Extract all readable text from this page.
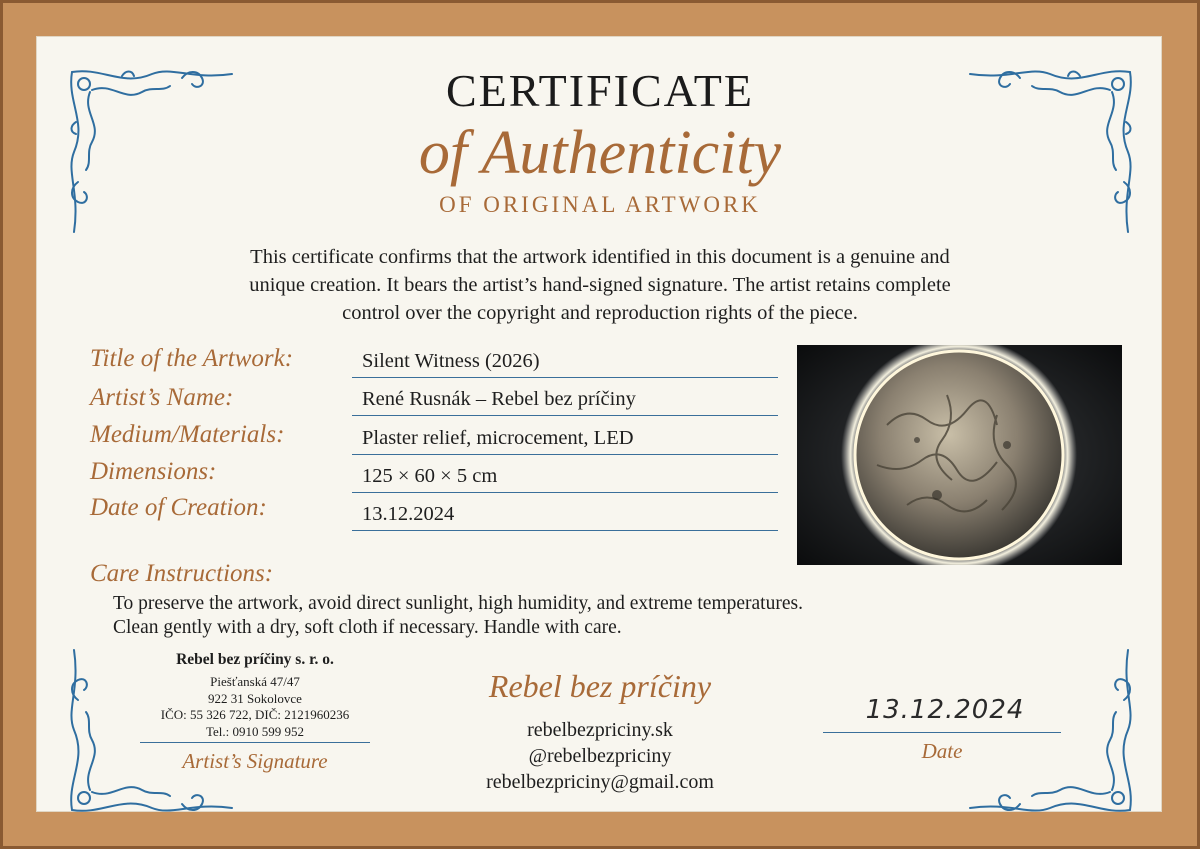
CERTIFICATE
of Authenticity
OF ORIGINAL ARTWORK
This certificate confirms that the artwork identified in this document is a genuine and
unique creation. It bears the artist’s hand-signed signature. The artist retains complete
control over the copyright and reproduction rights of the piece.
Title of the Artwork:	Silent Witness (2026)
Artist’s Name:	René Rusnák – Rebel bez príčiny
Medium/Materials:	Plaster relief, microcement, LED
Dimensions:	125 × 60 × 5 cm
Date of Creation:	13.12.2024
Care Instructions:
To preserve the artwork, avoid direct sunlight, high humidity, and extreme temperatures.
Clean gently with a dry, soft cloth if necessary. Handle with care.
Rebel bez príčiny s. r. o.
Piešťanská 47/47
922 31 Sokolovce
IČO: 55 326 722, DIČ: 2121960236
Tel.: 0910 599 952
Artist’s Signature
Rebel bez príčiny
rebelbezpriciny.sk
@rebelbezpriciny
rebelbezpriciny@gmail.com
13.12.2024
Date
